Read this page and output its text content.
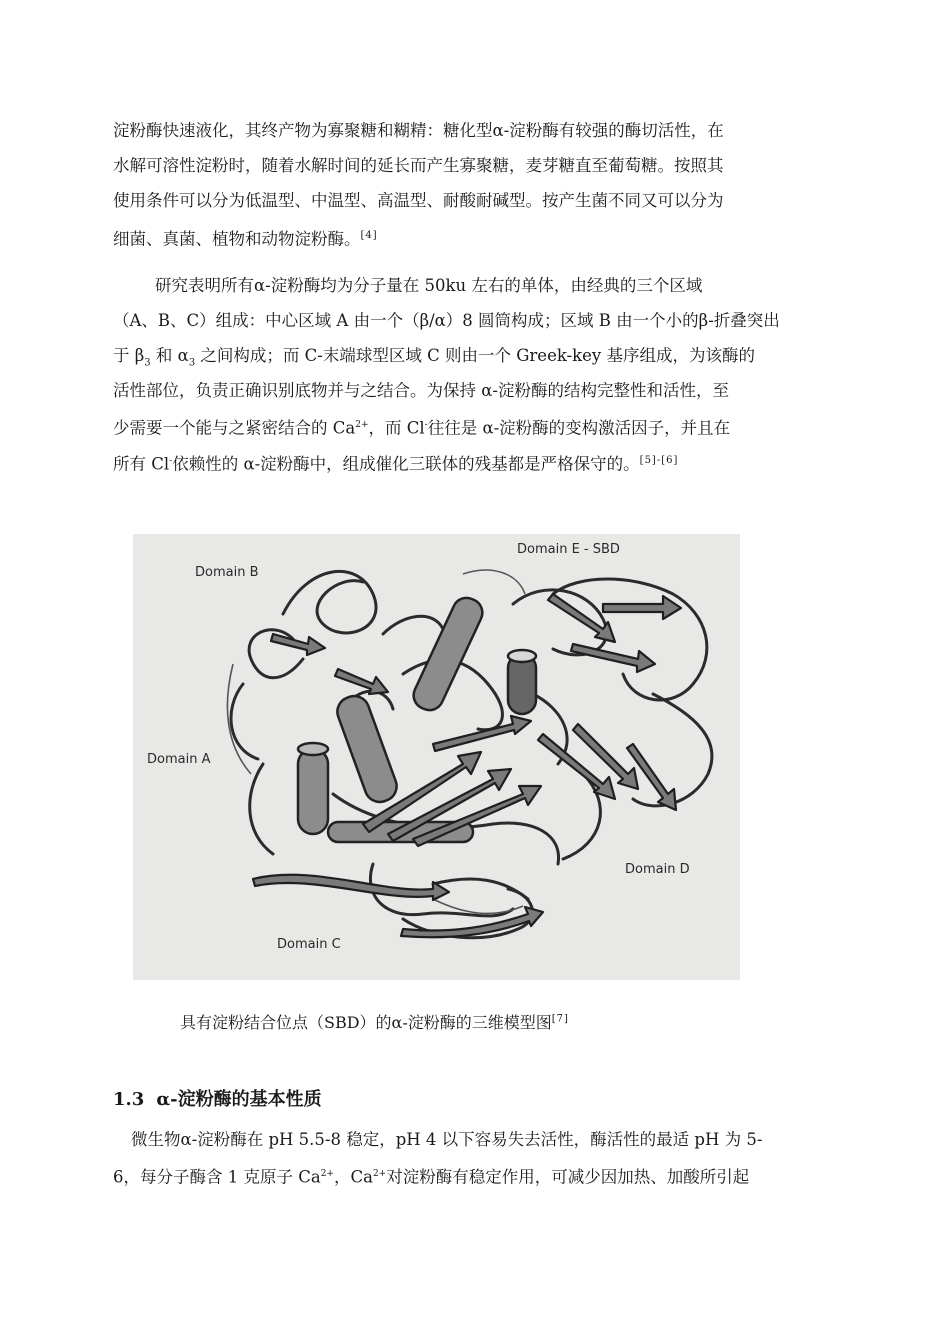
淀粉酶快速液化，其终产物为寡聚糖和糊精：糖化型α-淀粉酶有较强的酶切活性，在
水解可溶性淀粉时，随着水解时间的延长而产生寡聚糖，麦芽糖直至葡萄糖。按照其
使用条件可以分为低温型、中温型、高温型、耐酸耐碱型。按产生菌不同又可以分为
细菌、真菌、植物和动物淀粉酶。[4]

研究表明所有α-淀粉酶均为分子量在 50ku 左右的单体，由经典的三个区域
（A、B、C）组成：中心区域 A 由一个（β/α）8 圆筒构成；区域 B 由一个小的β-折叠突出
于 $\beta_3$ 和 $\alpha_3$ 之间构成；而 C-末端球型区域 C 则由一个 Greek-key 基序组成，为该酶的
活性部位，负责正确识别底物并与之结合。为保持 α-淀粉酶的结构完整性和活性，至
少需要一个能与之紧密结合的 $Ca^{2+}$，而 Cl-往往是 α-淀粉酶的变构激活因子，并且在
所有 Cl-依赖性的 α-淀粉酶中，组成催化三联体的残基都是严格保守的。[5]-[6]

Domain B
Domain E - SBD
Domain A
Domain D
Domain C
具有淀粉结合位点（SBD）的α-淀粉酶的三维模型图[7]
1.3 α-淀粉酶的基本性质

微生物α-淀粉酶在 pH 5.5-8 稳定，pH 4 以下容易失去活性，酶活性的最适 pH 为 5-
6，每分子酶含 1 克原子 $Ca^{2+}$，$Ca^{2+}$对淀粉酶有稳定作用，可减少因加热、加酸所引起
